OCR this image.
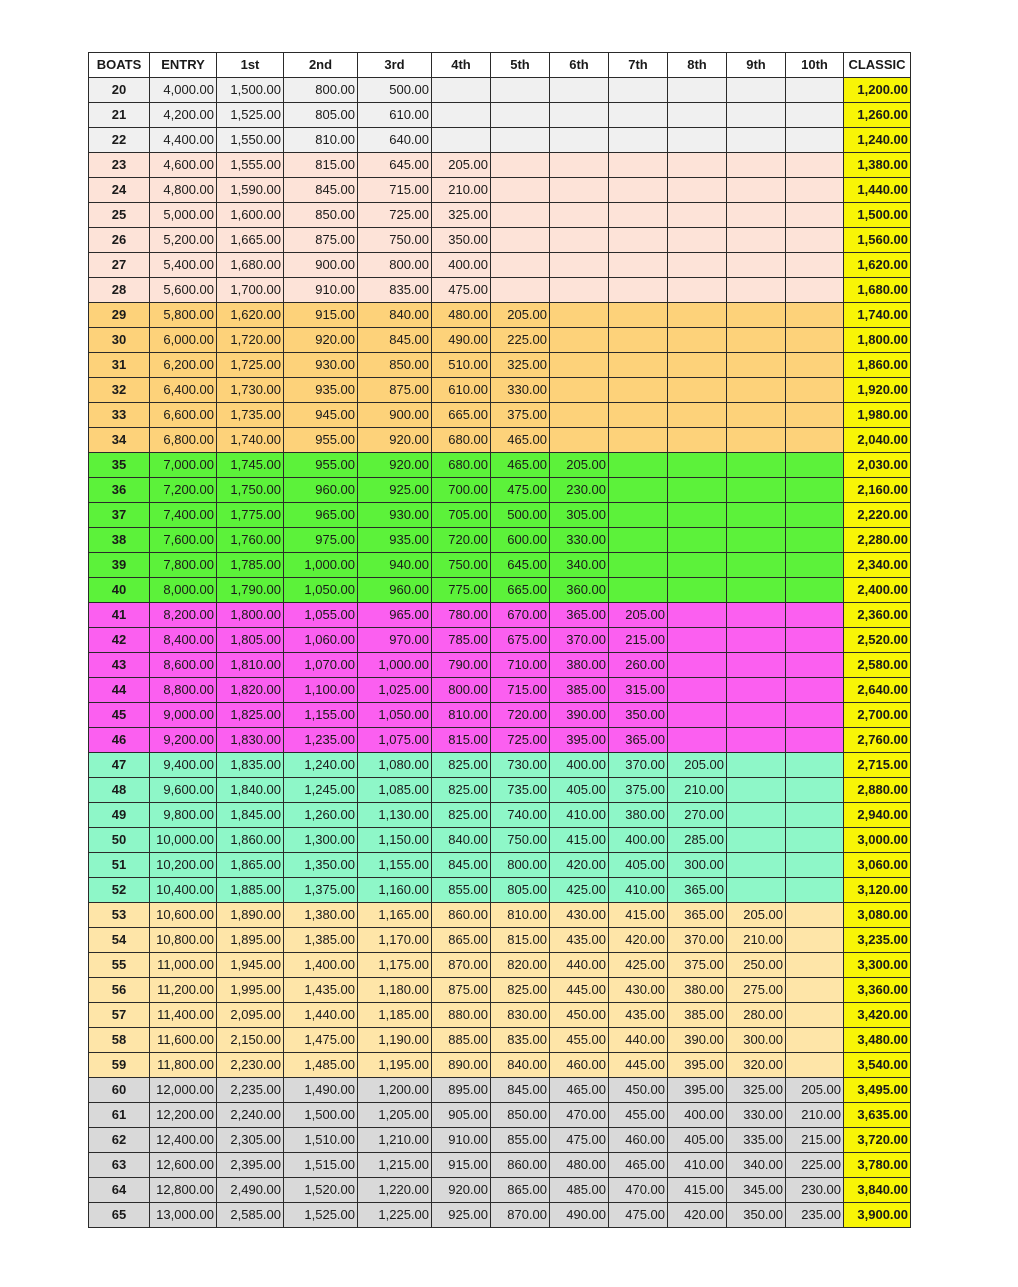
BOATS	ENTRY	1st	2nd	3rd	4th	5th	6th	7th	8th	9th	10th	CLASSIC
20	4,000.00	1,500.00	800.00	500.00								1,200.00
21	4,200.00	1,525.00	805.00	610.00								1,260.00
22	4,400.00	1,550.00	810.00	640.00								1,240.00
23	4,600.00	1,555.00	815.00	645.00	205.00							1,380.00
24	4,800.00	1,590.00	845.00	715.00	210.00							1,440.00
25	5,000.00	1,600.00	850.00	725.00	325.00							1,500.00
26	5,200.00	1,665.00	875.00	750.00	350.00							1,560.00
27	5,400.00	1,680.00	900.00	800.00	400.00							1,620.00
28	5,600.00	1,700.00	910.00	835.00	475.00							1,680.00
29	5,800.00	1,620.00	915.00	840.00	480.00	205.00						1,740.00
30	6,000.00	1,720.00	920.00	845.00	490.00	225.00						1,800.00
31	6,200.00	1,725.00	930.00	850.00	510.00	325.00						1,860.00
32	6,400.00	1,730.00	935.00	875.00	610.00	330.00						1,920.00
33	6,600.00	1,735.00	945.00	900.00	665.00	375.00						1,980.00
34	6,800.00	1,740.00	955.00	920.00	680.00	465.00						2,040.00
35	7,000.00	1,745.00	955.00	920.00	680.00	465.00	205.00					2,030.00
36	7,200.00	1,750.00	960.00	925.00	700.00	475.00	230.00					2,160.00
37	7,400.00	1,775.00	965.00	930.00	705.00	500.00	305.00					2,220.00
38	7,600.00	1,760.00	975.00	935.00	720.00	600.00	330.00					2,280.00
39	7,800.00	1,785.00	1,000.00	940.00	750.00	645.00	340.00					2,340.00
40	8,000.00	1,790.00	1,050.00	960.00	775.00	665.00	360.00					2,400.00
41	8,200.00	1,800.00	1,055.00	965.00	780.00	670.00	365.00	205.00				2,360.00
42	8,400.00	1,805.00	1,060.00	970.00	785.00	675.00	370.00	215.00				2,520.00
43	8,600.00	1,810.00	1,070.00	1,000.00	790.00	710.00	380.00	260.00				2,580.00
44	8,800.00	1,820.00	1,100.00	1,025.00	800.00	715.00	385.00	315.00				2,640.00
45	9,000.00	1,825.00	1,155.00	1,050.00	810.00	720.00	390.00	350.00				2,700.00
46	9,200.00	1,830.00	1,235.00	1,075.00	815.00	725.00	395.00	365.00				2,760.00
47	9,400.00	1,835.00	1,240.00	1,080.00	825.00	730.00	400.00	370.00	205.00			2,715.00
48	9,600.00	1,840.00	1,245.00	1,085.00	825.00	735.00	405.00	375.00	210.00			2,880.00
49	9,800.00	1,845.00	1,260.00	1,130.00	825.00	740.00	410.00	380.00	270.00			2,940.00
50	10,000.00	1,860.00	1,300.00	1,150.00	840.00	750.00	415.00	400.00	285.00			3,000.00
51	10,200.00	1,865.00	1,350.00	1,155.00	845.00	800.00	420.00	405.00	300.00			3,060.00
52	10,400.00	1,885.00	1,375.00	1,160.00	855.00	805.00	425.00	410.00	365.00			3,120.00
53	10,600.00	1,890.00	1,380.00	1,165.00	860.00	810.00	430.00	415.00	365.00	205.00		3,080.00
54	10,800.00	1,895.00	1,385.00	1,170.00	865.00	815.00	435.00	420.00	370.00	210.00		3,235.00
55	11,000.00	1,945.00	1,400.00	1,175.00	870.00	820.00	440.00	425.00	375.00	250.00		3,300.00
56	11,200.00	1,995.00	1,435.00	1,180.00	875.00	825.00	445.00	430.00	380.00	275.00		3,360.00
57	11,400.00	2,095.00	1,440.00	1,185.00	880.00	830.00	450.00	435.00	385.00	280.00		3,420.00
58	11,600.00	2,150.00	1,475.00	1,190.00	885.00	835.00	455.00	440.00	390.00	300.00		3,480.00
59	11,800.00	2,230.00	1,485.00	1,195.00	890.00	840.00	460.00	445.00	395.00	320.00		3,540.00
60	12,000.00	2,235.00	1,490.00	1,200.00	895.00	845.00	465.00	450.00	395.00	325.00	205.00	3,495.00
61	12,200.00	2,240.00	1,500.00	1,205.00	905.00	850.00	470.00	455.00	400.00	330.00	210.00	3,635.00
62	12,400.00	2,305.00	1,510.00	1,210.00	910.00	855.00	475.00	460.00	405.00	335.00	215.00	3,720.00
63	12,600.00	2,395.00	1,515.00	1,215.00	915.00	860.00	480.00	465.00	410.00	340.00	225.00	3,780.00
64	12,800.00	2,490.00	1,520.00	1,220.00	920.00	865.00	485.00	470.00	415.00	345.00	230.00	3,840.00
65	13,000.00	2,585.00	1,525.00	1,225.00	925.00	870.00	490.00	475.00	420.00	350.00	235.00	3,900.00
